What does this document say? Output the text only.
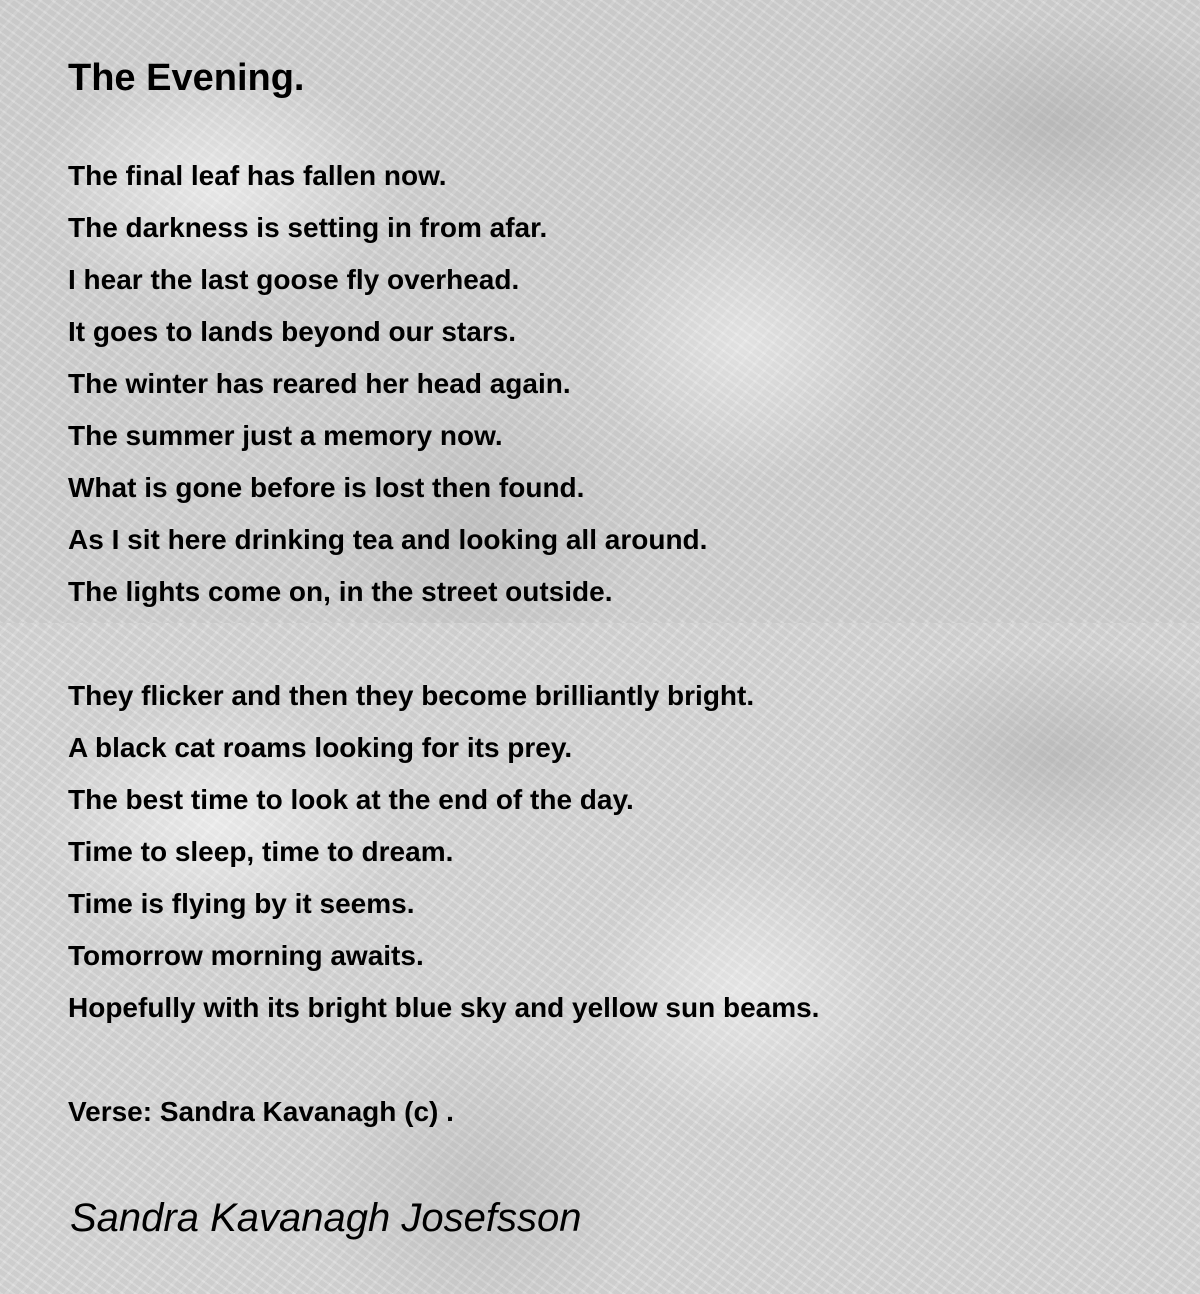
The Evening.
The final leaf has fallen now.
The darkness is setting in from afar.
I hear the last goose fly overhead.
It goes to lands beyond our stars.
The winter has reared her head again.
The summer just a memory now.
What is gone before is lost then found.
As I sit here drinking tea and looking all around.
The lights come on, in the street outside.
They flicker and then they become brilliantly bright.
A black cat roams looking for its prey.
The best time to look at the end of the day.
Time to sleep, time to dream.
Time is flying by it seems.
Tomorrow morning awaits.
Hopefully with its bright blue sky and yellow sun beams.

Verse: Sandra Kavanagh (c) .

Sandra Kavanagh Josefsson
